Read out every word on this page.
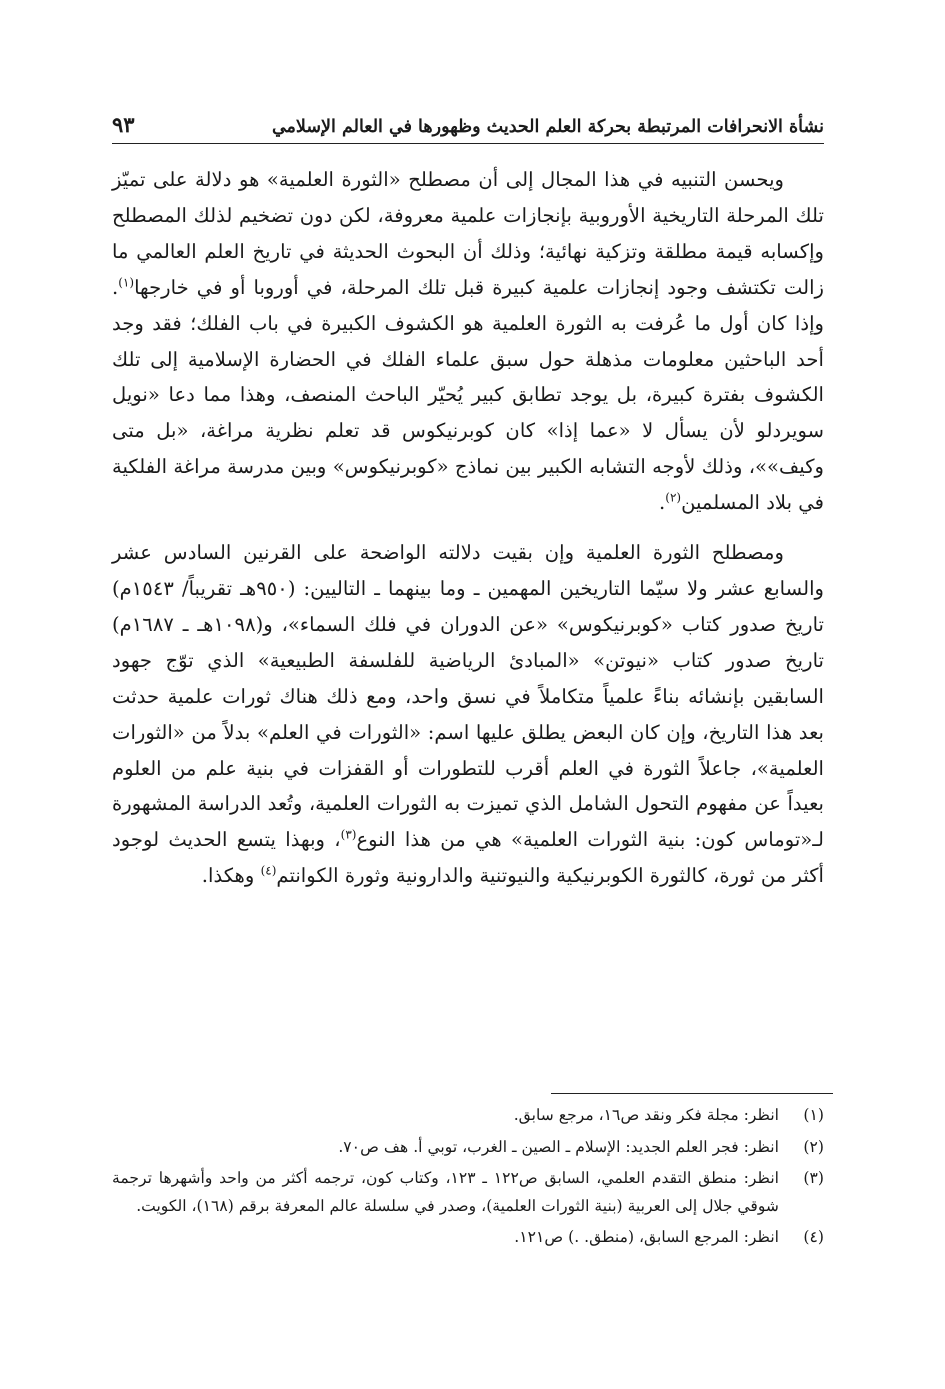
نشأة الانحرافات المرتبطة بحركة العلم الحديث وظهورها في العالم الإسلامي
٩٣

ويحسن التنبيه في هذا المجال إلى أن مصطلح «الثورة العلمية» هو دلالة على تميّز تلك المرحلة التاريخية الأوروبية بإنجازات علمية معروفة، لكن دون تضخيم لذلك المصطلح وإكسابه قيمة مطلقة وتزكية نهائية؛ وذلك أن البحوث الحديثة في تاريخ العلم العالمي ما زالت تكتشف وجود إنجازات علمية كبيرة قبل تلك المرحلة، في أوروبا أو في خارجها$^{(١)}$. وإذا كان أول ما عُرفت به الثورة العلمية هو الكشوف الكبيرة في باب الفلك؛ فقد وجد أحد الباحثين معلومات مذهلة حول سبق علماء الفلك في الحضارة الإسلامية إلى تلك الكشوف بفترة كبيرة، بل يوجد تطابق كبير يُحيّر الباحث المنصف، وهذا مما دعا «نويل سويردلو لأن يسأل لا «عما إذا» كان كوبرنيكوس قد تعلم نظرية مراغة، «بل متى وكيف»»، وذلك لأوجه التشابه الكبير بين نماذج «كوبرنيكوس» وبين مدرسة مراغة الفلكية في بلاد المسلمين$^{(٢)}$.

ومصطلح الثورة العلمية وإن بقيت دلالته الواضحة على القرنين السادس عشر والسابع عشر ولا سيّما التاريخين المهمين ـ وما بينهما ـ التاليين: (٩٥٠هـ تقريباً/ ١٥٤٣م) تاريخ صدور كتاب «كوبرنيكوس» «عن الدوران في فلك السماء»، و(١٠٩٨هـ ـ ١٦٨٧م) تاريخ صدور كتاب «نيوتن» «المبادئ الرياضية للفلسفة الطبيعية» الذي توّج جهود السابقين بإنشائه بناءً علمياً متكاملاً في نسق واحد، ومع ذلك هناك ثورات علمية حدثت بعد هذا التاريخ، وإن كان البعض يطلق عليها اسم: «الثورات في العلم» بدلاً من «الثورات العلمية»، جاعلاً الثورة في العلم أقرب للتطورات أو القفزات في بنية علم من العلوم بعيداً عن مفهوم التحول الشامل الذي تميزت به الثورات العلمية، وتُعد الدراسة المشهورة لـ«توماس كون: بنية الثورات العلمية» هي من هذا النوع$^{(٣)}$، وبهذا يتسع الحديث لوجود أكثر من ثورة، كالثورة الكوبرنيكية والنيوتنية والدارونية وثورة الكوانتم$^{(٤)}$ وهكذا.

(١)
انظر: مجلة فكر ونقد ص١٦، مرجع سابق.
(٢)
انظر: فجر العلم الجديد: الإسلام ـ الصين ـ الغرب، توبي أ. هف ص٧٠.
(٣)
انظر: منطق التقدم العلمي، السابق ص١٢٢ ـ ١٢٣، وكتاب كون، ترجمه أكثر من واحد وأشهرها ترجمة شوقي جلال إلى العربية (بنية الثورات العلمية)، وصدر في سلسلة عالم المعرفة برقم (١٦٨)، الكويت.
(٤)
انظر: المرجع السابق، (منطق. .) ص١٢١.
